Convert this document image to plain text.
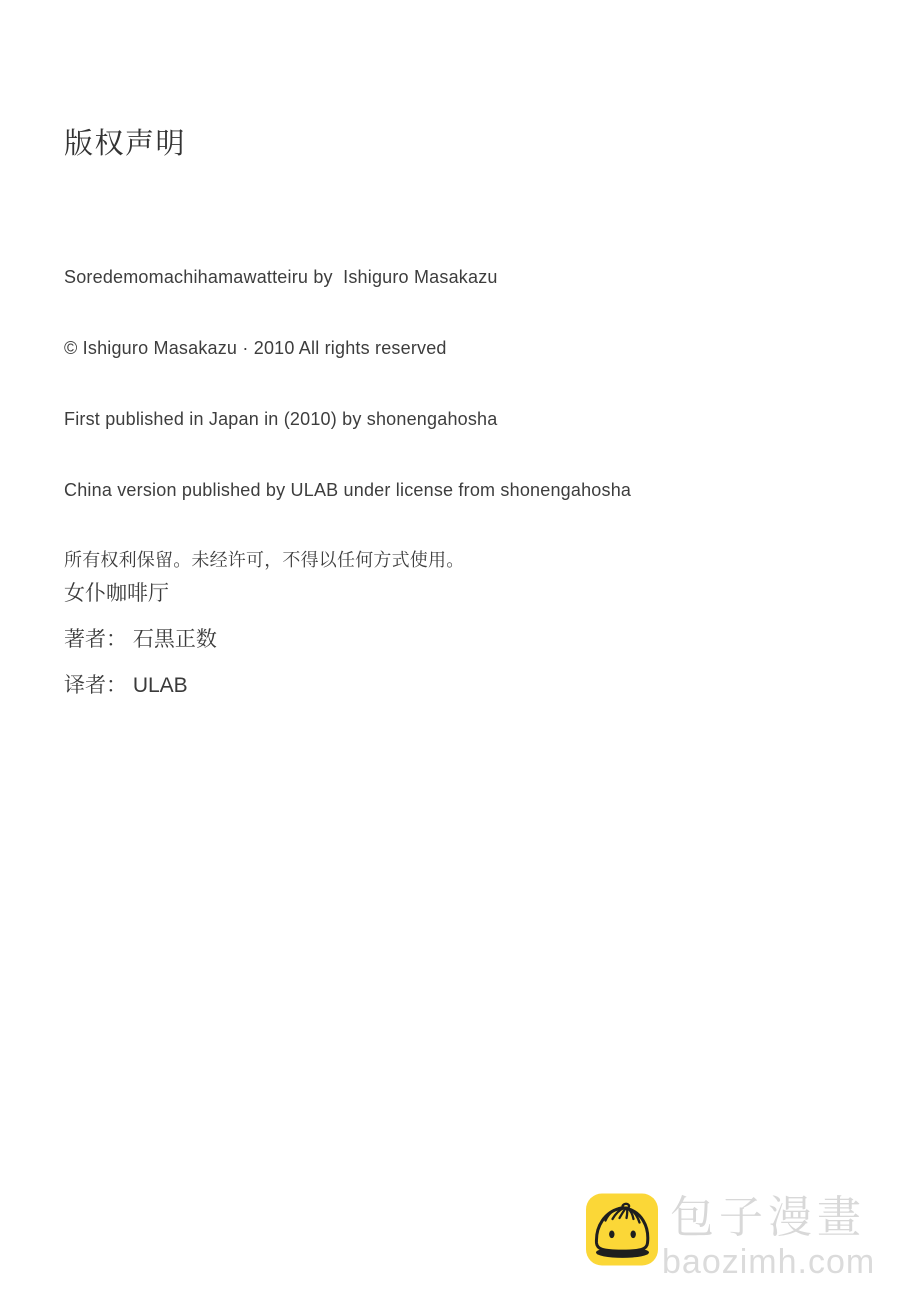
版权声明

Soredemomachihamawatteiru by  Ishiguro Masakazu

© Ishiguro Masakazu · 2010 All rights reserved

First published in Japan in (2010) by shonengahosha

China version published by ULAB under license from shonengahosha

所有权利保留。未经许可，不得以任何方式使用。

女仆咖啡厅
著者： 石黒正数
译者： ULAB
包子漫畫
baozimh.com
